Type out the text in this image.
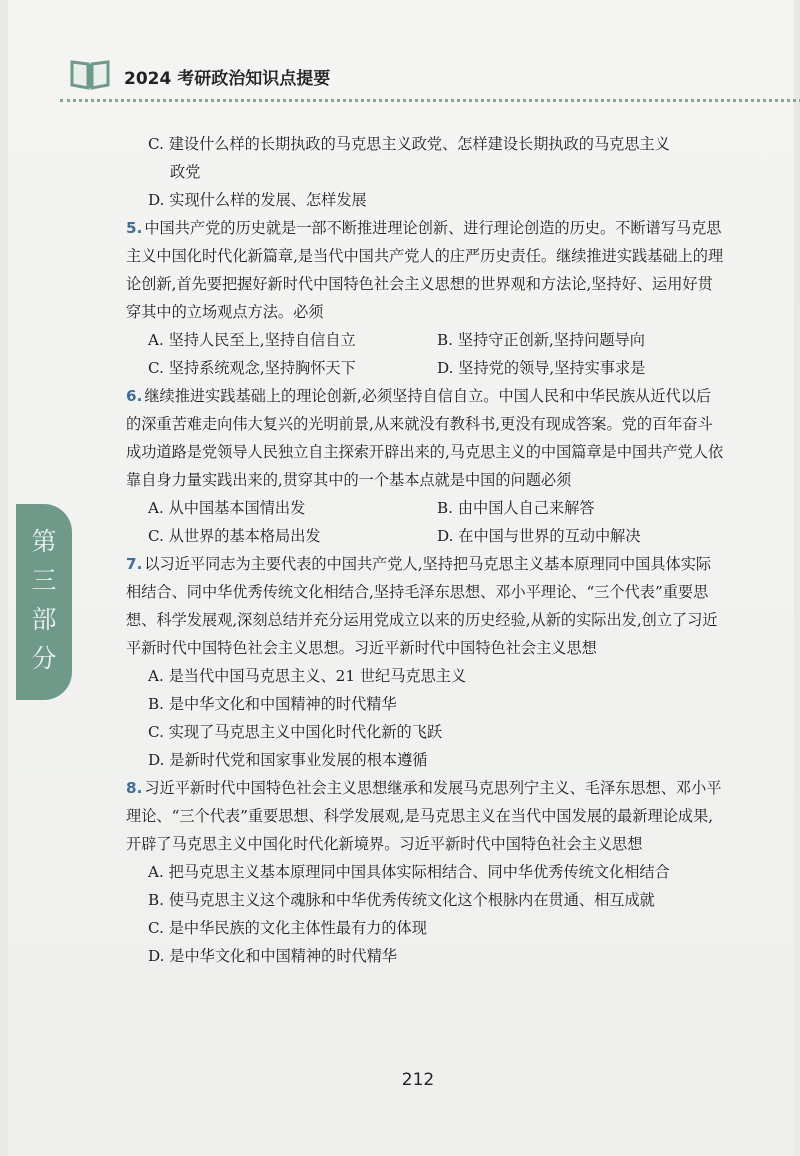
2024 考研政治知识点提要
第
三
部
分
C. 建设什么样的长期执政的马克思主义政党、怎样建设长期执政的马克思主义
政党
D. 实现什么样的发展、怎样发展
5. 中国共产党的历史就是一部不断推进理论创新、进行理论创造的历史。不断谱写马克思主义中国化时代化新篇章,是当代中国共产党人的庄严历史责任。继续推进实践基础上的理论创新,首先要把握好新时代中国特色社会主义思想的世界观和方法论,坚持好、运用好贯穿其中的立场观点方法。必须
A. 坚持人民至上,坚持自信自立	B. 坚持守正创新,坚持问题导向
C. 坚持系统观念,坚持胸怀天下	D. 坚持党的领导,坚持实事求是
6. 继续推进实践基础上的理论创新,必须坚持自信自立。中国人民和中华民族从近代以后的深重苦难走向伟大复兴的光明前景,从来就没有教科书,更没有现成答案。党的百年奋斗成功道路是党领导人民独立自主探索开辟出来的,马克思主义的中国篇章是中国共产党人依靠自身力量实践出来的,贯穿其中的一个基本点就是中国的问题必须
A. 从中国基本国情出发	B. 由中国人自己来解答
C. 从世界的基本格局出发	D. 在中国与世界的互动中解决
7. 以习近平同志为主要代表的中国共产党人,坚持把马克思主义基本原理同中国具体实际相结合、同中华优秀传统文化相结合,坚持毛泽东思想、邓小平理论、“三个代表”重要思想、科学发展观,深刻总结并充分运用党成立以来的历史经验,从新的实际出发,创立了习近平新时代中国特色社会主义思想。习近平新时代中国特色社会主义思想
A. 是当代中国马克思主义、21 世纪马克思主义
B. 是中华文化和中国精神的时代精华
C. 实现了马克思主义中国化时代化新的飞跃
D. 是新时代党和国家事业发展的根本遵循
8. 习近平新时代中国特色社会主义思想继承和发展马克思列宁主义、毛泽东思想、邓小平理论、“三个代表”重要思想、科学发展观,是马克思主义在当代中国发展的最新理论成果,开辟了马克思主义中国化时代化新境界。习近平新时代中国特色社会主义思想
A. 把马克思主义基本原理同中国具体实际相结合、同中华优秀传统文化相结合
B. 使马克思主义这个魂脉和中华优秀传统文化这个根脉内在贯通、相互成就
C. 是中华民族的文化主体性最有力的体现
D. 是中华文化和中国精神的时代精华
212
